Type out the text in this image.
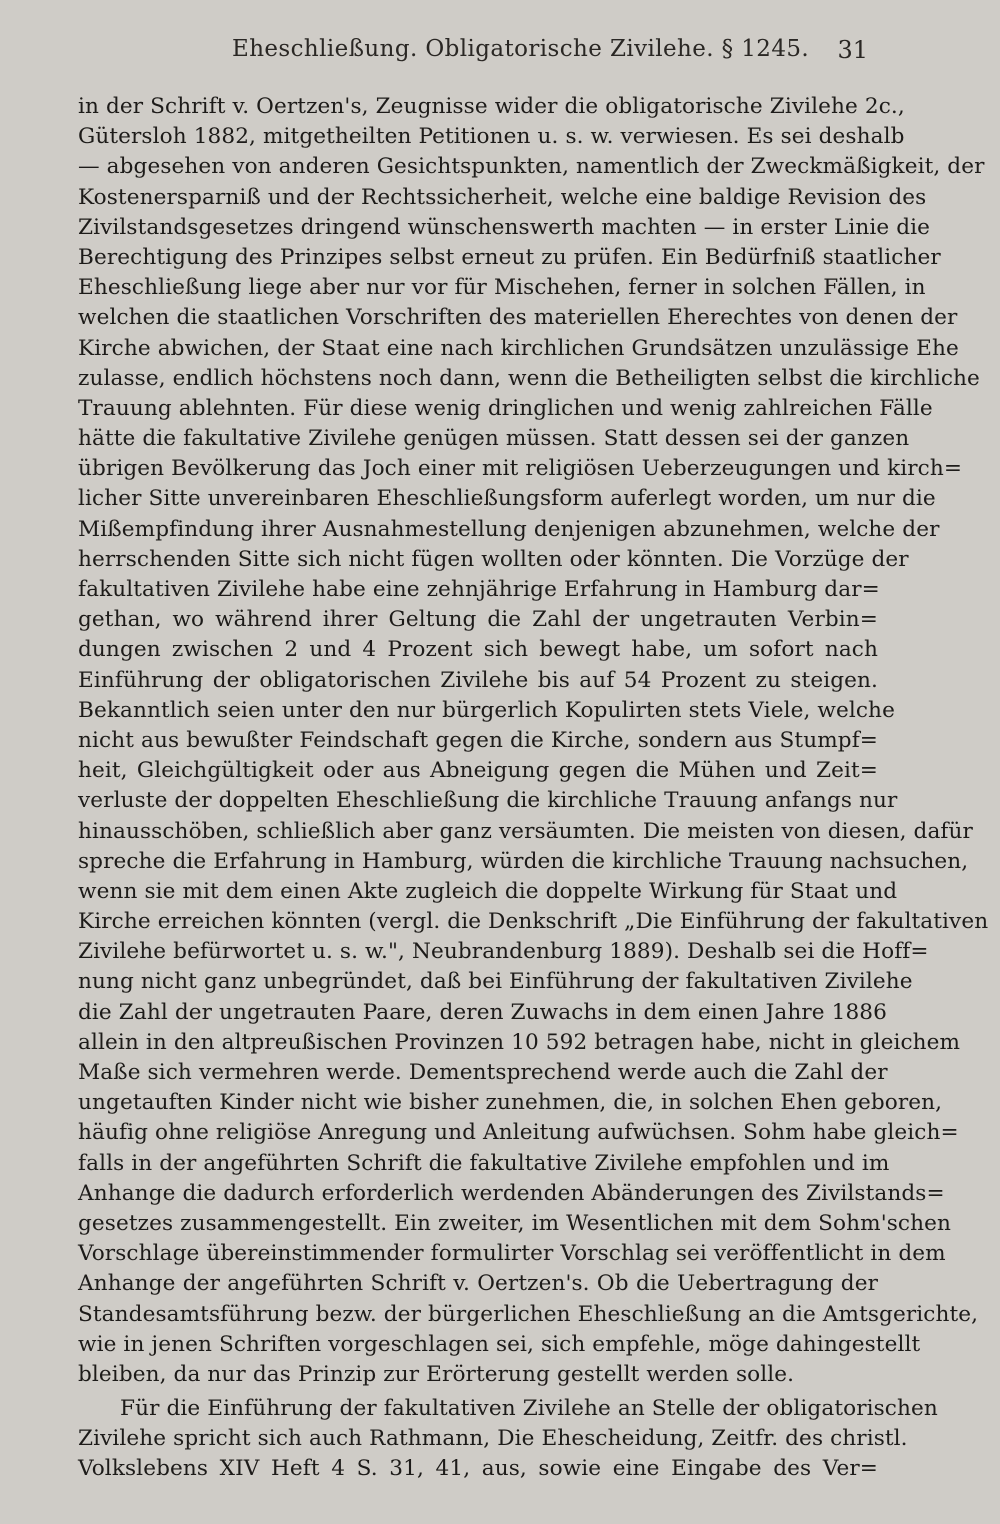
Eheschließung. Obligatorische Zivilehe. § 1245. 31
in der Schrift v. Oertzen's, Zeugnisse wider die obligatorische Zivilehe 2c.,
Gütersloh 1882, mitgetheilten Petitionen u. s. w. verwiesen. Es sei deshalb
— abgesehen von anderen Gesichtspunkten, namentlich der Zweckmäßigkeit, der
Kostenersparniß und der Rechtssicherheit, welche eine baldige Revision des
Zivilstandsgesetzes dringend wünschenswerth machten — in erster Linie die
Berechtigung des Prinzipes selbst erneut zu prüfen. Ein Bedürfniß staatlicher
Eheschließung liege aber nur vor für Mischehen, ferner in solchen Fällen, in
welchen die staatlichen Vorschriften des materiellen Eherechtes von denen der
Kirche abwichen, der Staat eine nach kirchlichen Grundsätzen unzulässige Ehe
zulasse, endlich höchstens noch dann, wenn die Betheiligten selbst die kirchliche
Trauung ablehnten. Für diese wenig dringlichen und wenig zahlreichen Fälle
hätte die fakultative Zivilehe genügen müssen. Statt dessen sei der ganzen
übrigen Bevölkerung das Joch einer mit religiösen Ueberzeugungen und kirch=
licher Sitte unvereinbaren Eheschließungsform auferlegt worden, um nur die
Mißempfindung ihrer Ausnahmestellung denjenigen abzunehmen, welche der
herrschenden Sitte sich nicht fügen wollten oder könnten. Die Vorzüge der
fakultativen Zivilehe habe eine zehnjährige Erfahrung in Hamburg dar=
gethan, wo während ihrer Geltung die Zahl der ungetrauten Verbin=
dungen zwischen 2 und 4 Prozent sich bewegt habe, um sofort nach
Einführung der obligatorischen Zivilehe bis auf 54 Prozent zu steigen.
Bekanntlich seien unter den nur bürgerlich Kopulirten stets Viele, welche
nicht aus bewußter Feindschaft gegen die Kirche, sondern aus Stumpf=
heit, Gleichgültigkeit oder aus Abneigung gegen die Mühen und Zeit=
verluste der doppelten Eheschließung die kirchliche Trauung anfangs nur
hinausschöben, schließlich aber ganz versäumten. Die meisten von diesen, dafür
spreche die Erfahrung in Hamburg, würden die kirchliche Trauung nachsuchen,
wenn sie mit dem einen Akte zugleich die doppelte Wirkung für Staat und
Kirche erreichen könnten (vergl. die Denkschrift „Die Einführung der fakultativen
Zivilehe befürwortet u. s. w.", Neubrandenburg 1889). Deshalb sei die Hoff=
nung nicht ganz unbegründet, daß bei Einführung der fakultativen Zivilehe
die Zahl der ungetrauten Paare, deren Zuwachs in dem einen Jahre 1886
allein in den altpreußischen Provinzen 10 592 betragen habe, nicht in gleichem
Maße sich vermehren werde. Dementsprechend werde auch die Zahl der
ungetauften Kinder nicht wie bisher zunehmen, die, in solchen Ehen geboren,
häufig ohne religiöse Anregung und Anleitung aufwüchsen. Sohm habe gleich=
falls in der angeführten Schrift die fakultative Zivilehe empfohlen und im
Anhange die dadurch erforderlich werdenden Abänderungen des Zivilstands=
gesetzes zusammengestellt. Ein zweiter, im Wesentlichen mit dem Sohm'schen
Vorschlage übereinstimmender formulirter Vorschlag sei veröffentlicht in dem
Anhange der angeführten Schrift v. Oertzen's. Ob die Uebertragung der
Standesamtsführung bezw. der bürgerlichen Eheschließung an die Amtsgerichte,
wie in jenen Schriften vorgeschlagen sei, sich empfehle, möge dahingestellt
bleiben, da nur das Prinzip zur Erörterung gestellt werden solle.
Für die Einführung der fakultativen Zivilehe an Stelle der obligatorischen
Zivilehe spricht sich auch Rathmann, Die Ehescheidung, Zeitfr. des christl.
Volkslebens XIV Heft 4 S. 31, 41, aus, sowie eine Eingabe des Ver=
